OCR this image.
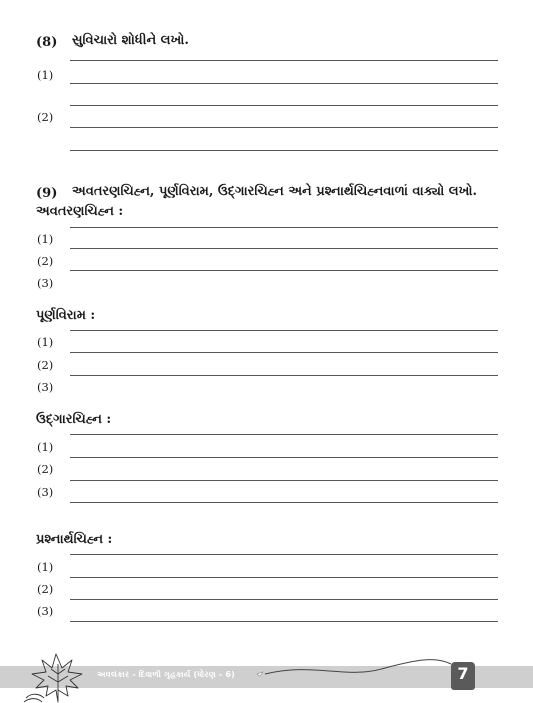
(8) સુવિચારો શોધીને લખો.
(1)
(2)
(9) અવતરણચિહ્ન, પૂર્ણવિરામ, ઉદ્‌ગારચિહ્ન અને પ્રશ્નાર્થચિહ્નવાળાં વાક્યો લખો.
અવતરણચિહ્ન :
(1)
(2)
(3)
પૂર્ણવિરામ :
(1)
(2)
(3)
ઉદ્‌ગારચિહ્ન :
(1)
(2)
(3)
પ્રશ્નાર્થચિહ્ન :
(1)
(2)
(3)
અવલંકાર - દિવાળી ગૃહકાર્ય (ધોરણ - 6)	7
